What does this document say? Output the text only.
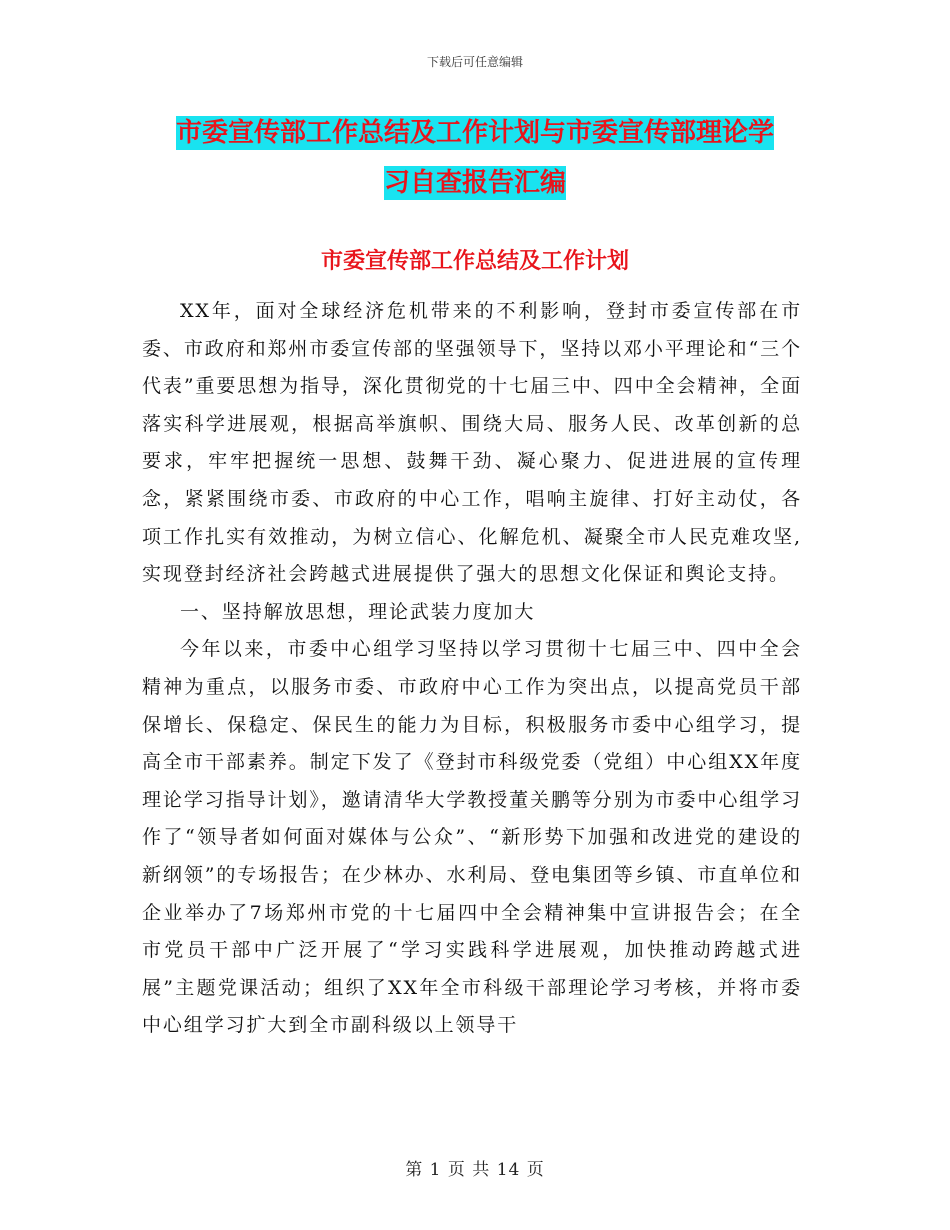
下载后可任意编辑
市委宣传部工作总结及工作计划与市委宣传部理论学
习自查报告汇编
市委宣传部工作总结及工作计划

XX年，面对全球经济危机带来的不利影响，登封市委宣传部在市委、市政府和郑州市委宣传部的坚强领导下，坚持以邓小平理论和“三个代表”重要思想为指导，深化贯彻党的十七届三中、四中全会精神，全面落实科学进展观，根据高举旗帜、围绕大局、服务人民、改革创新的总要求，牢牢把握统一思想、鼓舞干劲、凝心聚力、促进进展的宣传理念，紧紧围绕市委、市政府的中心工作，唱响主旋律、打好主动仗，各项工作扎实有效推动，为树立信心、化解危机、凝聚全市人民克难攻坚,实现登封经济社会跨越式进展提供了强大的思想文化保证和舆论支持。

一、坚持解放思想，理论武装力度加大

今年以来，市委中心组学习坚持以学习贯彻十七届三中、四中全会精神为重点，以服务市委、市政府中心工作为突出点，以提高党员干部保增长、保稳定、保民生的能力为目标，积极服务市委中心组学习，提高全市干部素养。制定下发了《登封市科级党委（党组）中心组XX年度理论学习指导计划》，邀请清华大学教授董关鹏等分别为市委中心组学习作了“领导者如何面对媒体与公众”、“新形势下加强和改进党的建设的新纲领”的专场报告；在少林办、水利局、登电集团等乡镇、市直单位和企业举办了7场郑州市党的十七届四中全会精神集中宣讲报告会；在全市党员干部中广泛开展了“学习实践科学进展观，加快推动跨越式进展”主题党课活动；组织了XX年全市科级干部理论学习考核，并将市委中心组学习扩大到全市副科级以上领导干

第 1 页 共 14 页
